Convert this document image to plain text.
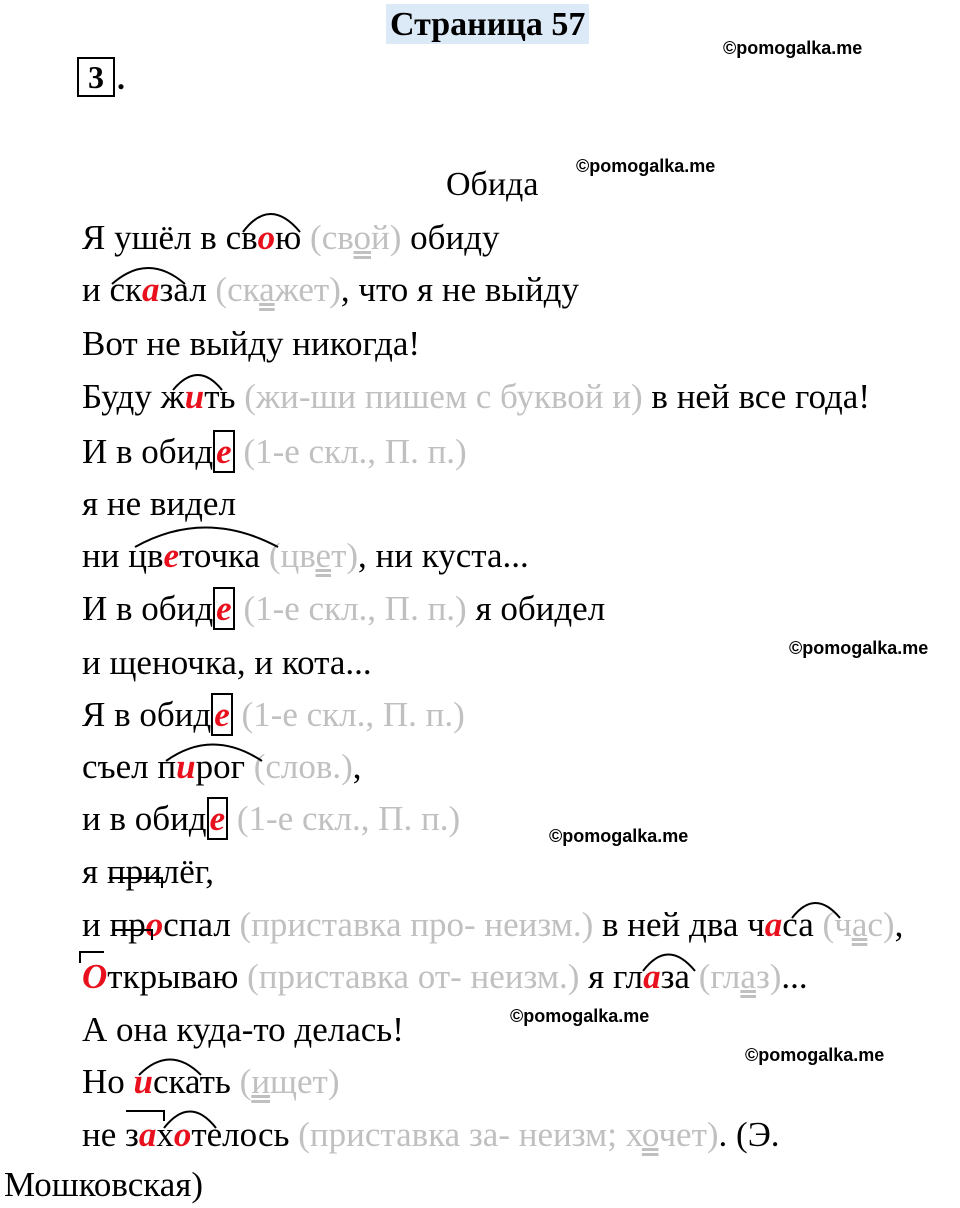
Страница 57
3 .
©pomogalka.me
©pomogalka.me
©pomogalka.me
©pomogalka.me
©pomogalka.me
©pomogalka.me
Обида
Я ушёл в свою (свой) обиду
и сказал (скажет), что я не выйду
Вот не выйду никогда!
Буду жить (жи-ши пишем с буквой и) в ней все года!
И в обиде (1-е скл., П. п.)
я не видел
ни цветочка (цвет), ни куста...
И в обиде (1-е скл., П. п.) я обидел
и щеночка, и кота...
Я в обиде (1-е скл., П. п.)
съел пирог (слов.),
и в обиде (1-е скл., П. п.)
я прилёг,
и проспал (приставка про- неизм.) в ней два часа (час),
Открываю (приставка от- неизм.) я глаза (глаз)...
А она куда-то делась!
Но искать (ищет)
не захотелось (приставка за- неизм; хочет). (Э.
Мошковская)
